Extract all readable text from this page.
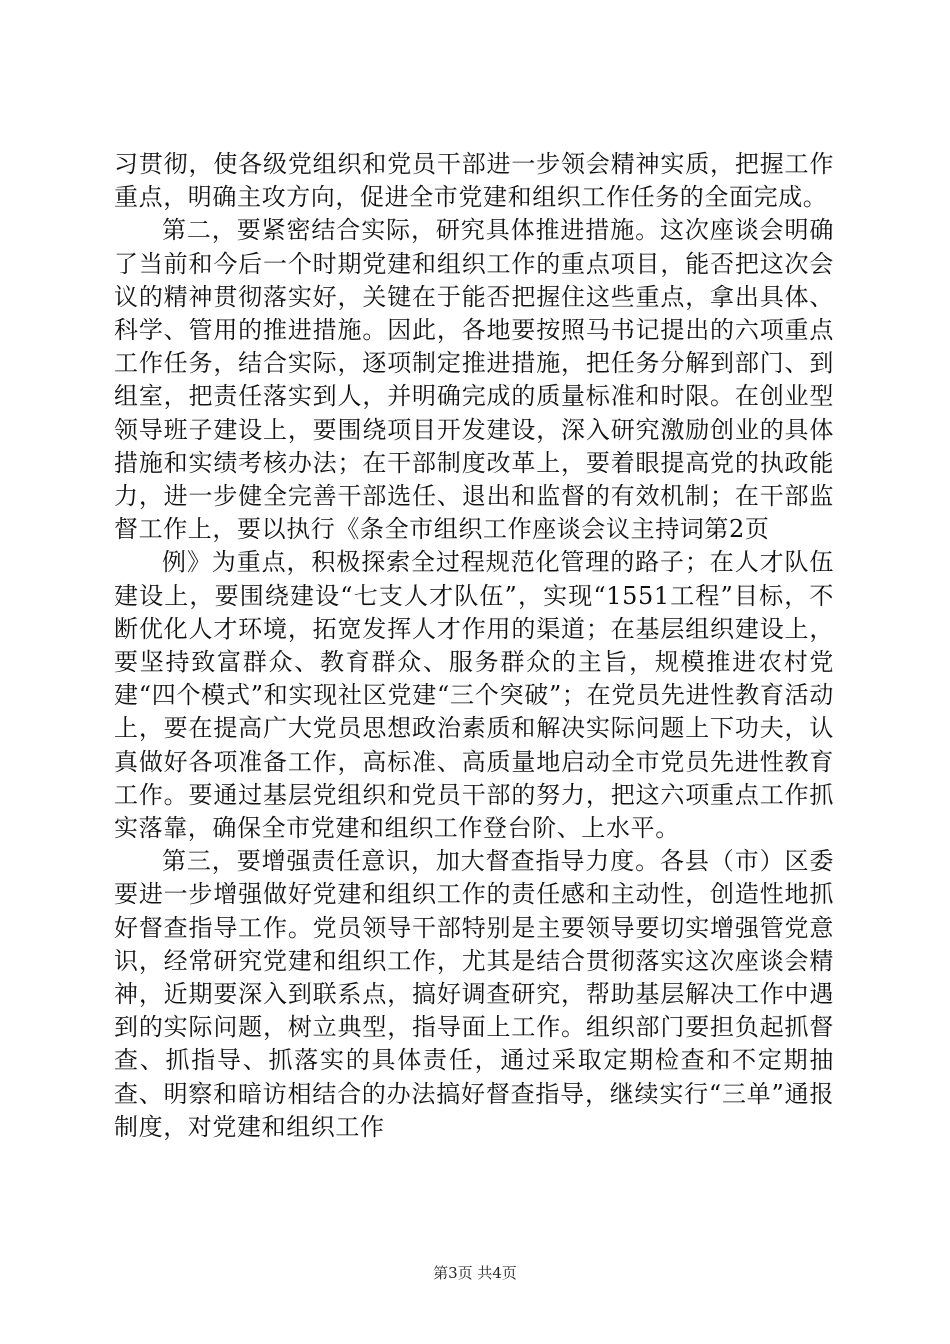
习贯彻，使各级党组织和党员干部进一步领会精神实质，把握工作重点，明确主攻方向，促进全市党建和组织工作任务的全面完成。

第二，要紧密结合实际，研究具体推进措施。这次座谈会明确了当前和今后一个时期党建和组织工作的重点项目，能否把这次会议的精神贯彻落实好，关键在于能否把握住这些重点，拿出具体、科学、管用的推进措施。因此，各地要按照马书记提出的六项重点工作任务，结合实际，逐项制定推进措施，把任务分解到部门、到组室，把责任落实到人，并明确完成的质量标准和时限。在创业型领导班子建设上，要围绕项目开发建设，深入研究激励创业的具体措施和实绩考核办法；在干部制度改革上，要着眼提高党的执政能力，进一步健全完善干部选任、退出和监督的有效机制；在干部监督工作上，要以执行《条全市组织工作座谈会议主持词第2页

例》为重点，积极探索全过程规范化管理的路子；在人才队伍建设上，要围绕建设“七支人才队伍”，实现“1551工程”目标，不断优化人才环境，拓宽发挥人才作用的渠道；在基层组织建设上，要坚持致富群众、教育群众、服务群众的主旨，规模推进农村党建“四个模式”和实现社区党建“三个突破”；在党员先进性教育活动上，要在提高广大党员思想政治素质和解决实际问题上下功夫，认真做好各项准备工作，高标准、高质量地启动全市党员先进性教育工作。要通过基层党组织和党员干部的努力，把这六项重点工作抓实落靠，确保全市党建和组织工作登台阶、上水平。

第三，要增强责任意识，加大督查指导力度。各县（市）区委要进一步增强做好党建和组织工作的责任感和主动性，创造性地抓好督查指导工作。党员领导干部特别是主要领导要切实增强管党意识，经常研究党建和组织工作，尤其是结合贯彻落实这次座谈会精神，近期要深入到联系点，搞好调查研究，帮助基层解决工作中遇到的实际问题，树立典型，指导面上工作。组织部门要担负起抓督查、抓指导、抓落实的具体责任，通过采取定期检查和不定期抽查、明察和暗访相结合的办法搞好督查指导，继续实行“三单”通报制度，对党建和组织工作

第3页 共4页
